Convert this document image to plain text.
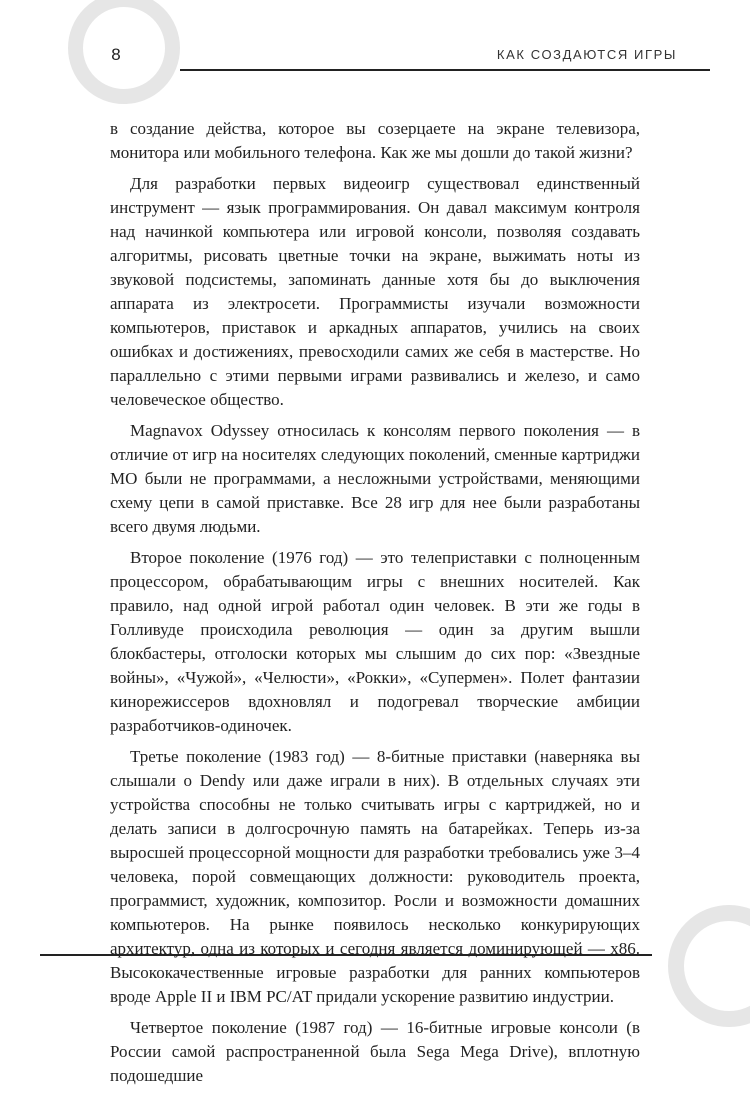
8	КАК СОЗДАЮТСЯ ИГРЫ

в создание действа, которое вы созерцаете на экране телевизора, монитора или мобильного телефона. Как же мы дошли до такой жизни?

Для разработки первых видеоигр существовал единственный инструмент — язык программирования. Он давал максимум контроля над начинкой компьютера или игровой консоли, позволяя создавать алгоритмы, рисовать цветные точки на экране, выжимать ноты из звуковой подсистемы, запоминать данные хотя бы до выключения аппарата из электросети. Программисты изучали возможности компьютеров, приставок и аркадных аппаратов, учились на своих ошибках и достижениях, превосходили самих же себя в мастерстве. Но параллельно с этими первыми играми развивались и железо, и само человеческое общество.

Magnavox Odyssey относилась к консолям первого поколения — в отличие от игр на носителях следующих поколений, сменные картриджи MO были не программами, а несложными устройствами, меняющими схему цепи в самой приставке. Все 28 игр для нее были разработаны всего двумя людьми.

Второе поколение (1976 год) — это телеприставки с полноценным процессором, обрабатывающим игры с внешних носителей. Как правило, над одной игрой работал один человек. В эти же годы в Голливуде происходила революция — один за другим вышли блокбастеры, отголоски которых мы слышим до сих пор: «Звездные войны», «Чужой», «Челюсти», «Рокки», «Супермен». Полет фантазии кинорежиссеров вдохновлял и подогревал творческие амбиции разработчиков-одиночек.

Третье поколение (1983 год) — 8-битные приставки (наверняка вы слышали о Dendy или даже играли в них). В отдельных случаях эти устройства способны не только считывать игры с картриджей, но и делать записи в долгосрочную память на батарейках. Теперь из-за выросшей процессорной мощности для разработки требовались уже 3–4 человека, порой совмещающих должности: руководитель проекта, программист, художник, композитор. Росли и возможности домашних компьютеров. На рынке появилось несколько конкурирующих архитектур, одна из которых и сегодня является доминирующей — x86. Высококачественные игровые разработки для ранних компьютеров вроде Apple II и IBM PC/AT придали ускорение развитию индустрии.

Четвертое поколение (1987 год) — 16-битные игровые консоли (в России самой распространенной была Sega Mega Drive), вплотную подошедшие
